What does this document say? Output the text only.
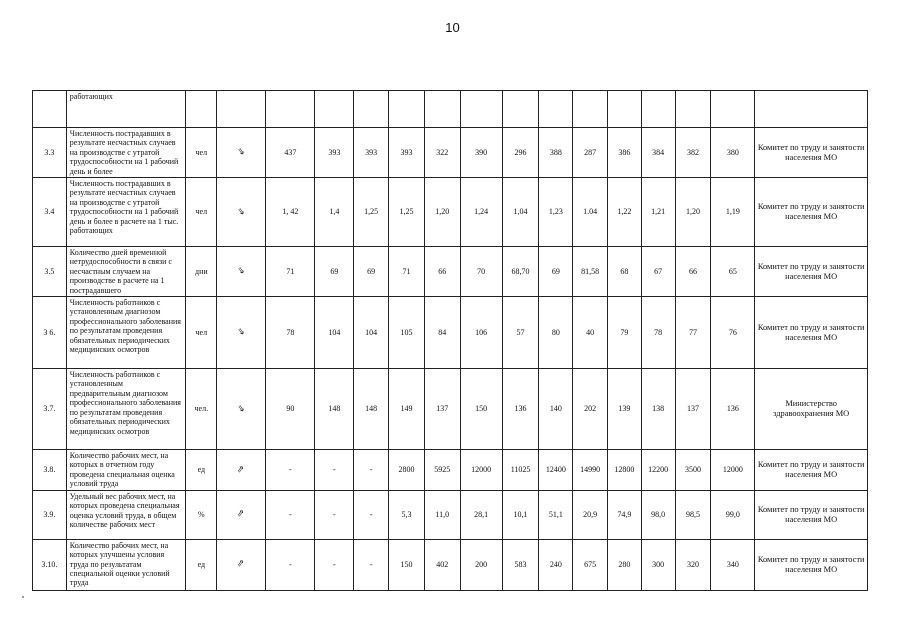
10
	работающих																
3.3	Численность пострадавших в результате несчастных случаев на производстве с утратой трудоспособности на 1 рабочий день и более	чел	⇘	437	393	393	393	322	390	296	388	287	386	384	382	380	Комитет по труду и занятости населения МО
3.4	Численность пострадавших в результате несчастных случаев на производстве с утратой трудоспособности на 1 рабочий день и более в расчете на 1 тыс. работающих	чел	⇘	1, 42	1,4	1,25	1,25	1,20	1,24	1,04	1,23	1.04	1,22	1,21	1,20	1,19	Комитет по труду и занятости населения МО
3.5	Количество дней временной нетрудоспособности в связи с несчастным случаем на производстве в расчете на 1 пострадавшего	дни	⇘	71	69	69	71	66	70	68,70	69	81,58	68	67	66	65	Комитет по труду и занятости населения МО
3 6.	Численность работников с установленным диагнозом профессионального заболевания по результатам проведения обязательных периодических медицинских осмотров	чел	⇘	78	104	104	105	84	106	57	80	40	79	78	77	76	Комитет по труду и занятости населения МО
3.7.	Численность работников с установленным предварительным диагнозом профессионального заболевания по результатам проведения обязательных периодических медицинских осмотров	чел.	⇘	90	148	148	149	137	150	136	140	202	139	138	137	136	Министерство здравоохранения МО
3.8.	Количество рабочих мест, на которых в отчетном году проведена специальная оценка условий труда	ед	⇗	-	-	-	2800	5925	12000	11025	12400	14990	12800	12200	3500	12000	Комитет по труду и занятости населения МО
3.9.	Удельный вес рабочих мест, на которых проведена специальная оценка условий труда, в общем количестве рабочих мест	%	⇗	-	-	-	5,3	11,0	28,1	10,1	51,1	20,9	74,9	98,0	98,5	99,0	Комитет по труду и занятости населения МО
3.10.	Количество рабочих мест, на которых улучшены условия труда по результатам специальной оценки условий труда	ед	⇗	-	-	-	150	402	200	583	240	675	280	300	320	340	Комитет по труду и занятости населения МО
